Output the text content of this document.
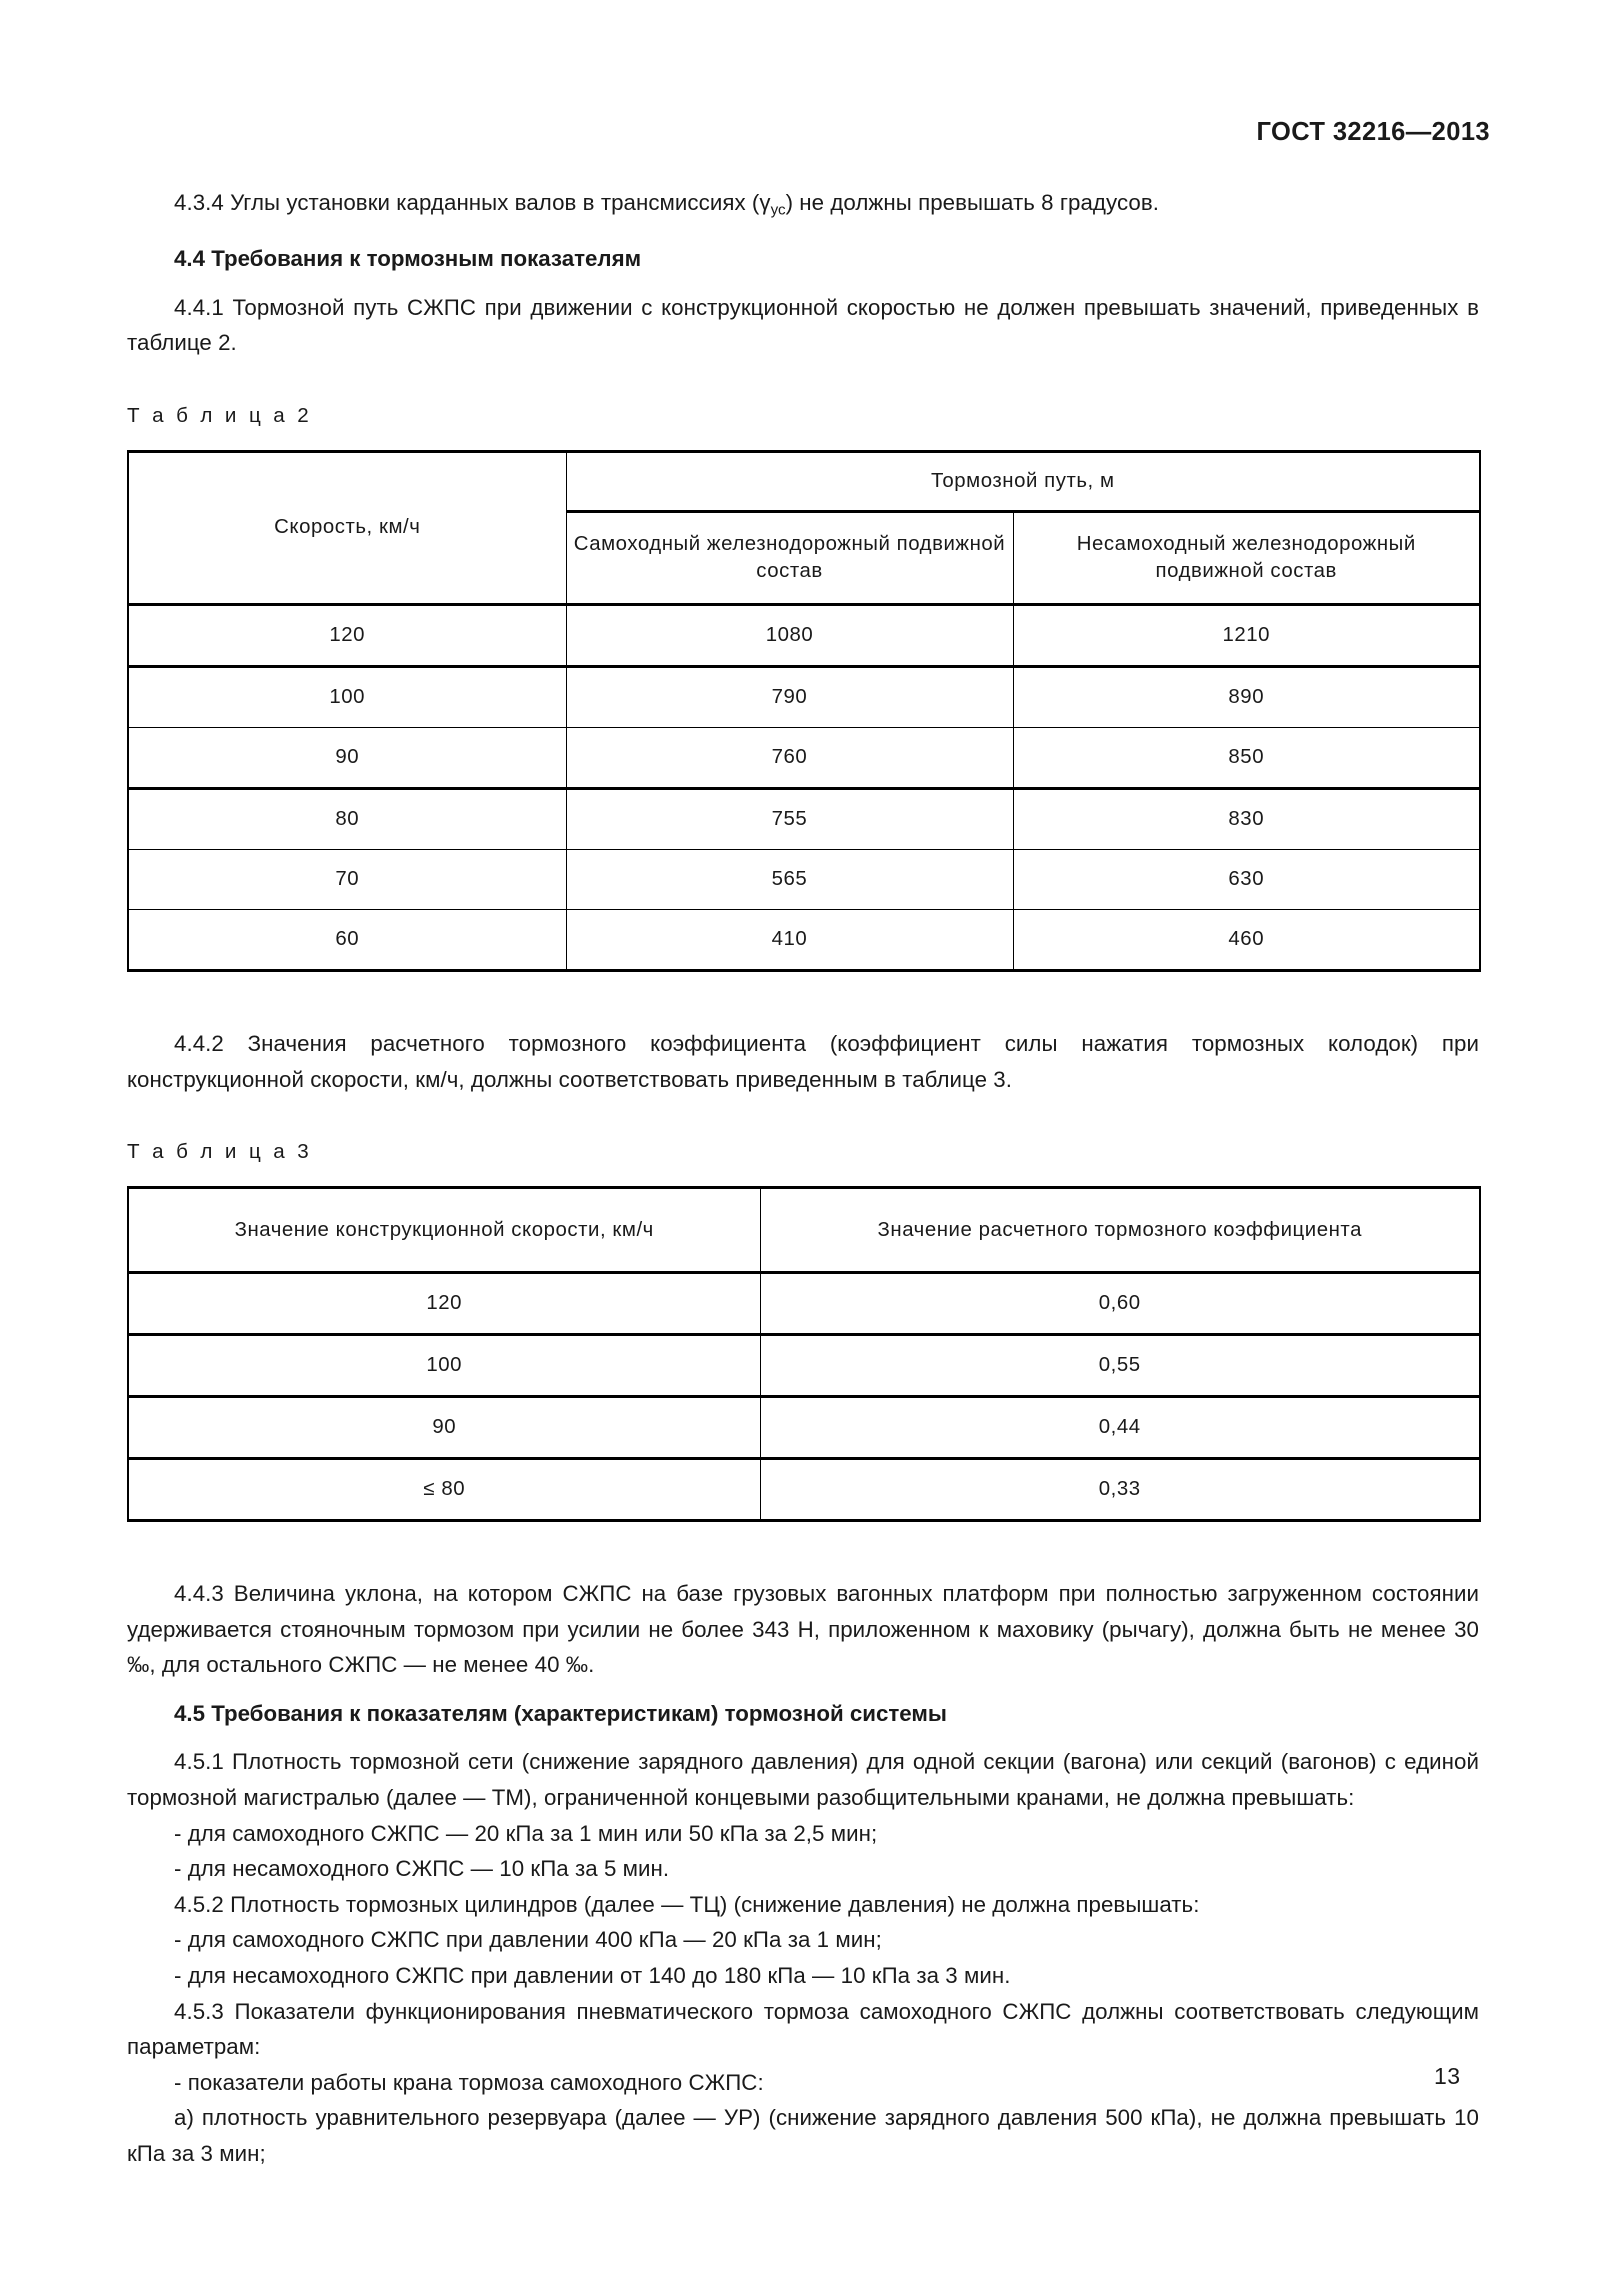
ГОСТ 32216—2013

4.3.4 Углы установки карданных валов в трансмиссиях $(\gamma_{ус})$ не должны превышать 8 градусов.

4.4 Требования к тормозным показателям

4.4.1 Тормозной путь СЖПС при движении с конструкционной скоростью не должен превышать значений, приведенных в таблице 2.

Т а б л и ц а 2

Скорость, км/ч	Тормозной путь, м	
	Самоходный железнодорожный подвижной состав	Несамоходный железнодорожный подвижной состав
120	1080	1210
100	790	890
90	760	850
80	755	830
70	565	630
60	410	460

4.4.2 Значения расчетного тормозного коэффициента (коэффициент силы нажатия тормозных колодок) при конструкционной скорости, км/ч, должны соответствовать приведенным в таблице 3.

Т а б л и ц а 3

Значение конструкционной скорости, км/ч	Значение расчетного тормозного коэффициента
120	0,60
100	0,55
90	0,44
≤ 80	0,33

4.4.3 Величина уклона, на котором СЖПС на базе грузовых вагонных платформ при полностью загруженном состоянии удерживается стояночным тормозом при усилии не более 343 Н, приложенном к маховику (рычагу), должна быть не менее 30 ‰, для остального СЖПС — не менее 40 ‰.

4.5 Требования к показателям (характеристикам) тормозной системы

4.5.1 Плотность тормозной сети (снижение зарядного давления) для одной секции (вагона) или секций (вагонов) с единой тормозной магистралью (далее — ТМ), ограниченной концевыми разобщительными кранами, не должна превышать:

- для самоходного СЖПС — 20 кПа за 1 мин или 50 кПа за 2,5 мин;

- для несамоходного СЖПС — 10 кПа за 5 мин.

4.5.2 Плотность тормозных цилиндров (далее — ТЦ) (снижение давления) не должна превышать:

- для самоходного СЖПС при давлении 400 кПа — 20 кПа за 1 мин;

- для несамоходного СЖПС при давлении от 140 до 180 кПа — 10 кПа за 3 мин.

4.5.3 Показатели функционирования пневматического тормоза самоходного СЖПС должны соответствовать следующим параметрам:

- показатели работы крана тормоза самоходного СЖПС:

а) плотность уравнительного резервуара (далее — УР) (снижение зарядного давления 500 кПа), не должна превышать 10 кПа за 3 мин;

13
